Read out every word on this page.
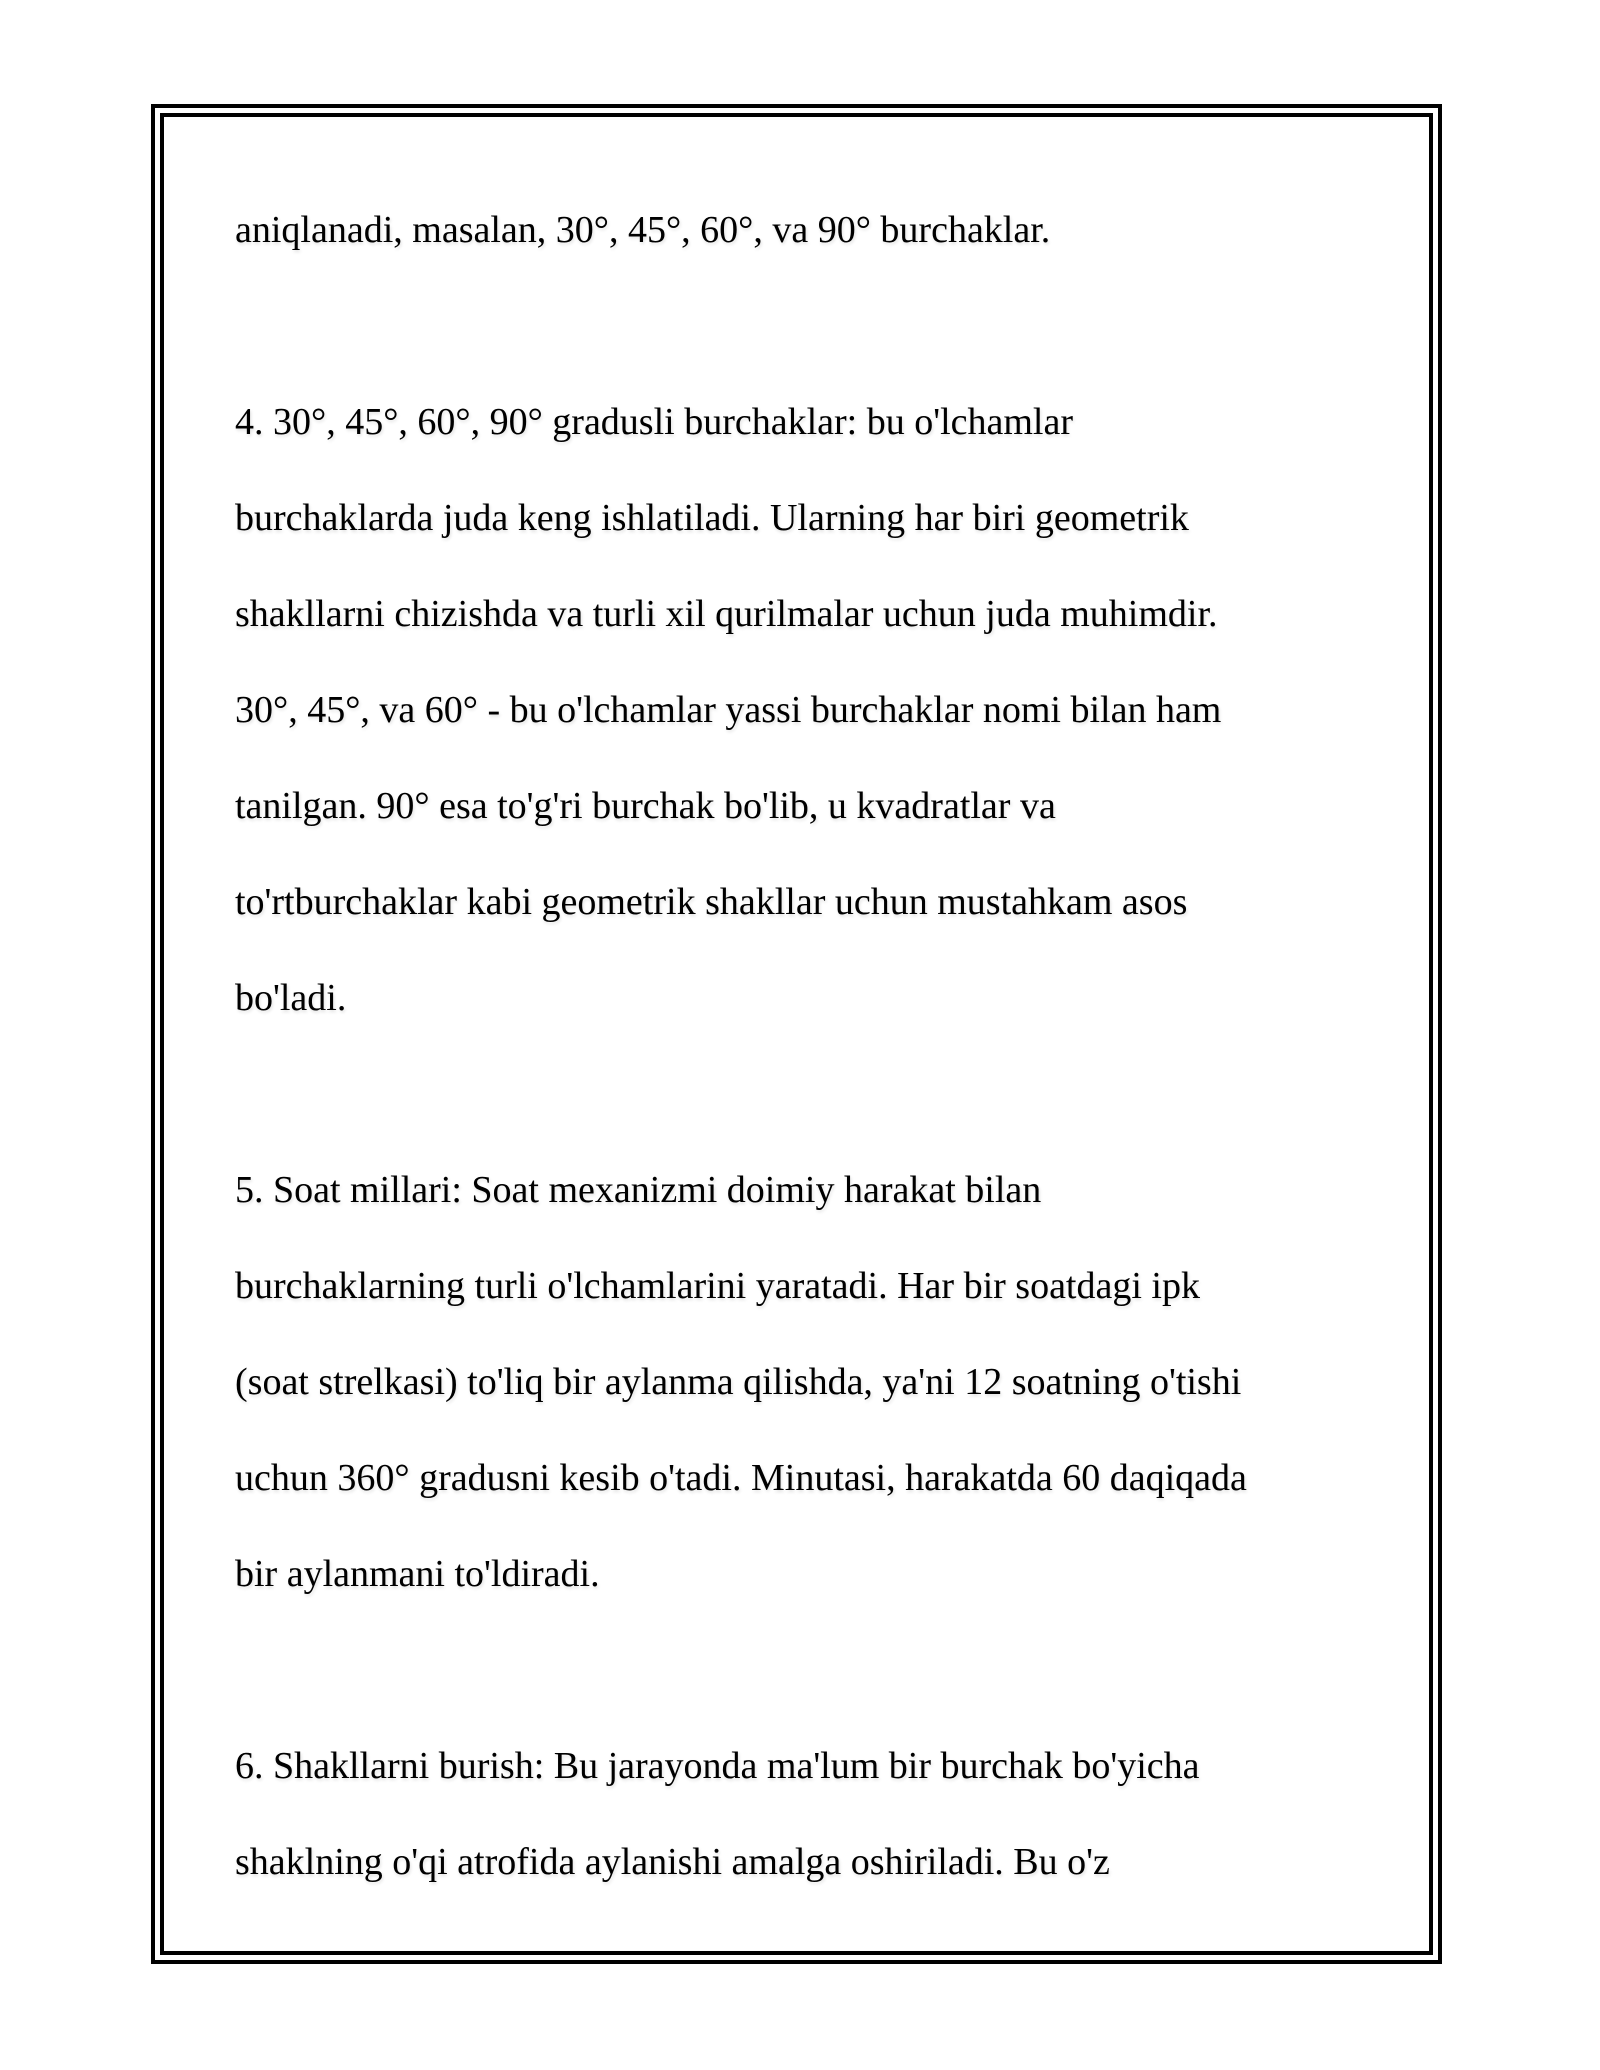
aniqlanadi, masalan, 30°, 45°, 60°, va 90° burchaklar.
4. 30°, 45°, 60°, 90° gradusli burchaklar: bu o'lchamlar
burchaklarda juda keng ishlatiladi. Ularning har biri geometrik
shakllarni chizishda va turli xil qurilmalar uchun juda muhimdir.
30°, 45°, va 60° - bu o'lchamlar yassi burchaklar nomi bilan ham
tanilgan. 90° esa to'g'ri burchak bo'lib, u kvadratlar va
to'rtburchaklar kabi geometrik shakllar uchun mustahkam asos
bo'ladi.
5. Soat millari: Soat mexanizmi doimiy harakat bilan
burchaklarning turli o'lchamlarini yaratadi. Har bir soatdagi ipk
(soat strelkasi) to'liq bir aylanma qilishda, ya'ni 12 soatning o'tishi
uchun 360° gradusni kesib o'tadi. Minutasi, harakatda 60 daqiqada
bir aylanmani to'ldiradi.
6. Shakllarni burish: Bu jarayonda ma'lum bir burchak bo'yicha
shaklning o'qi atrofida aylanishi amalga oshiriladi. Bu o'z
